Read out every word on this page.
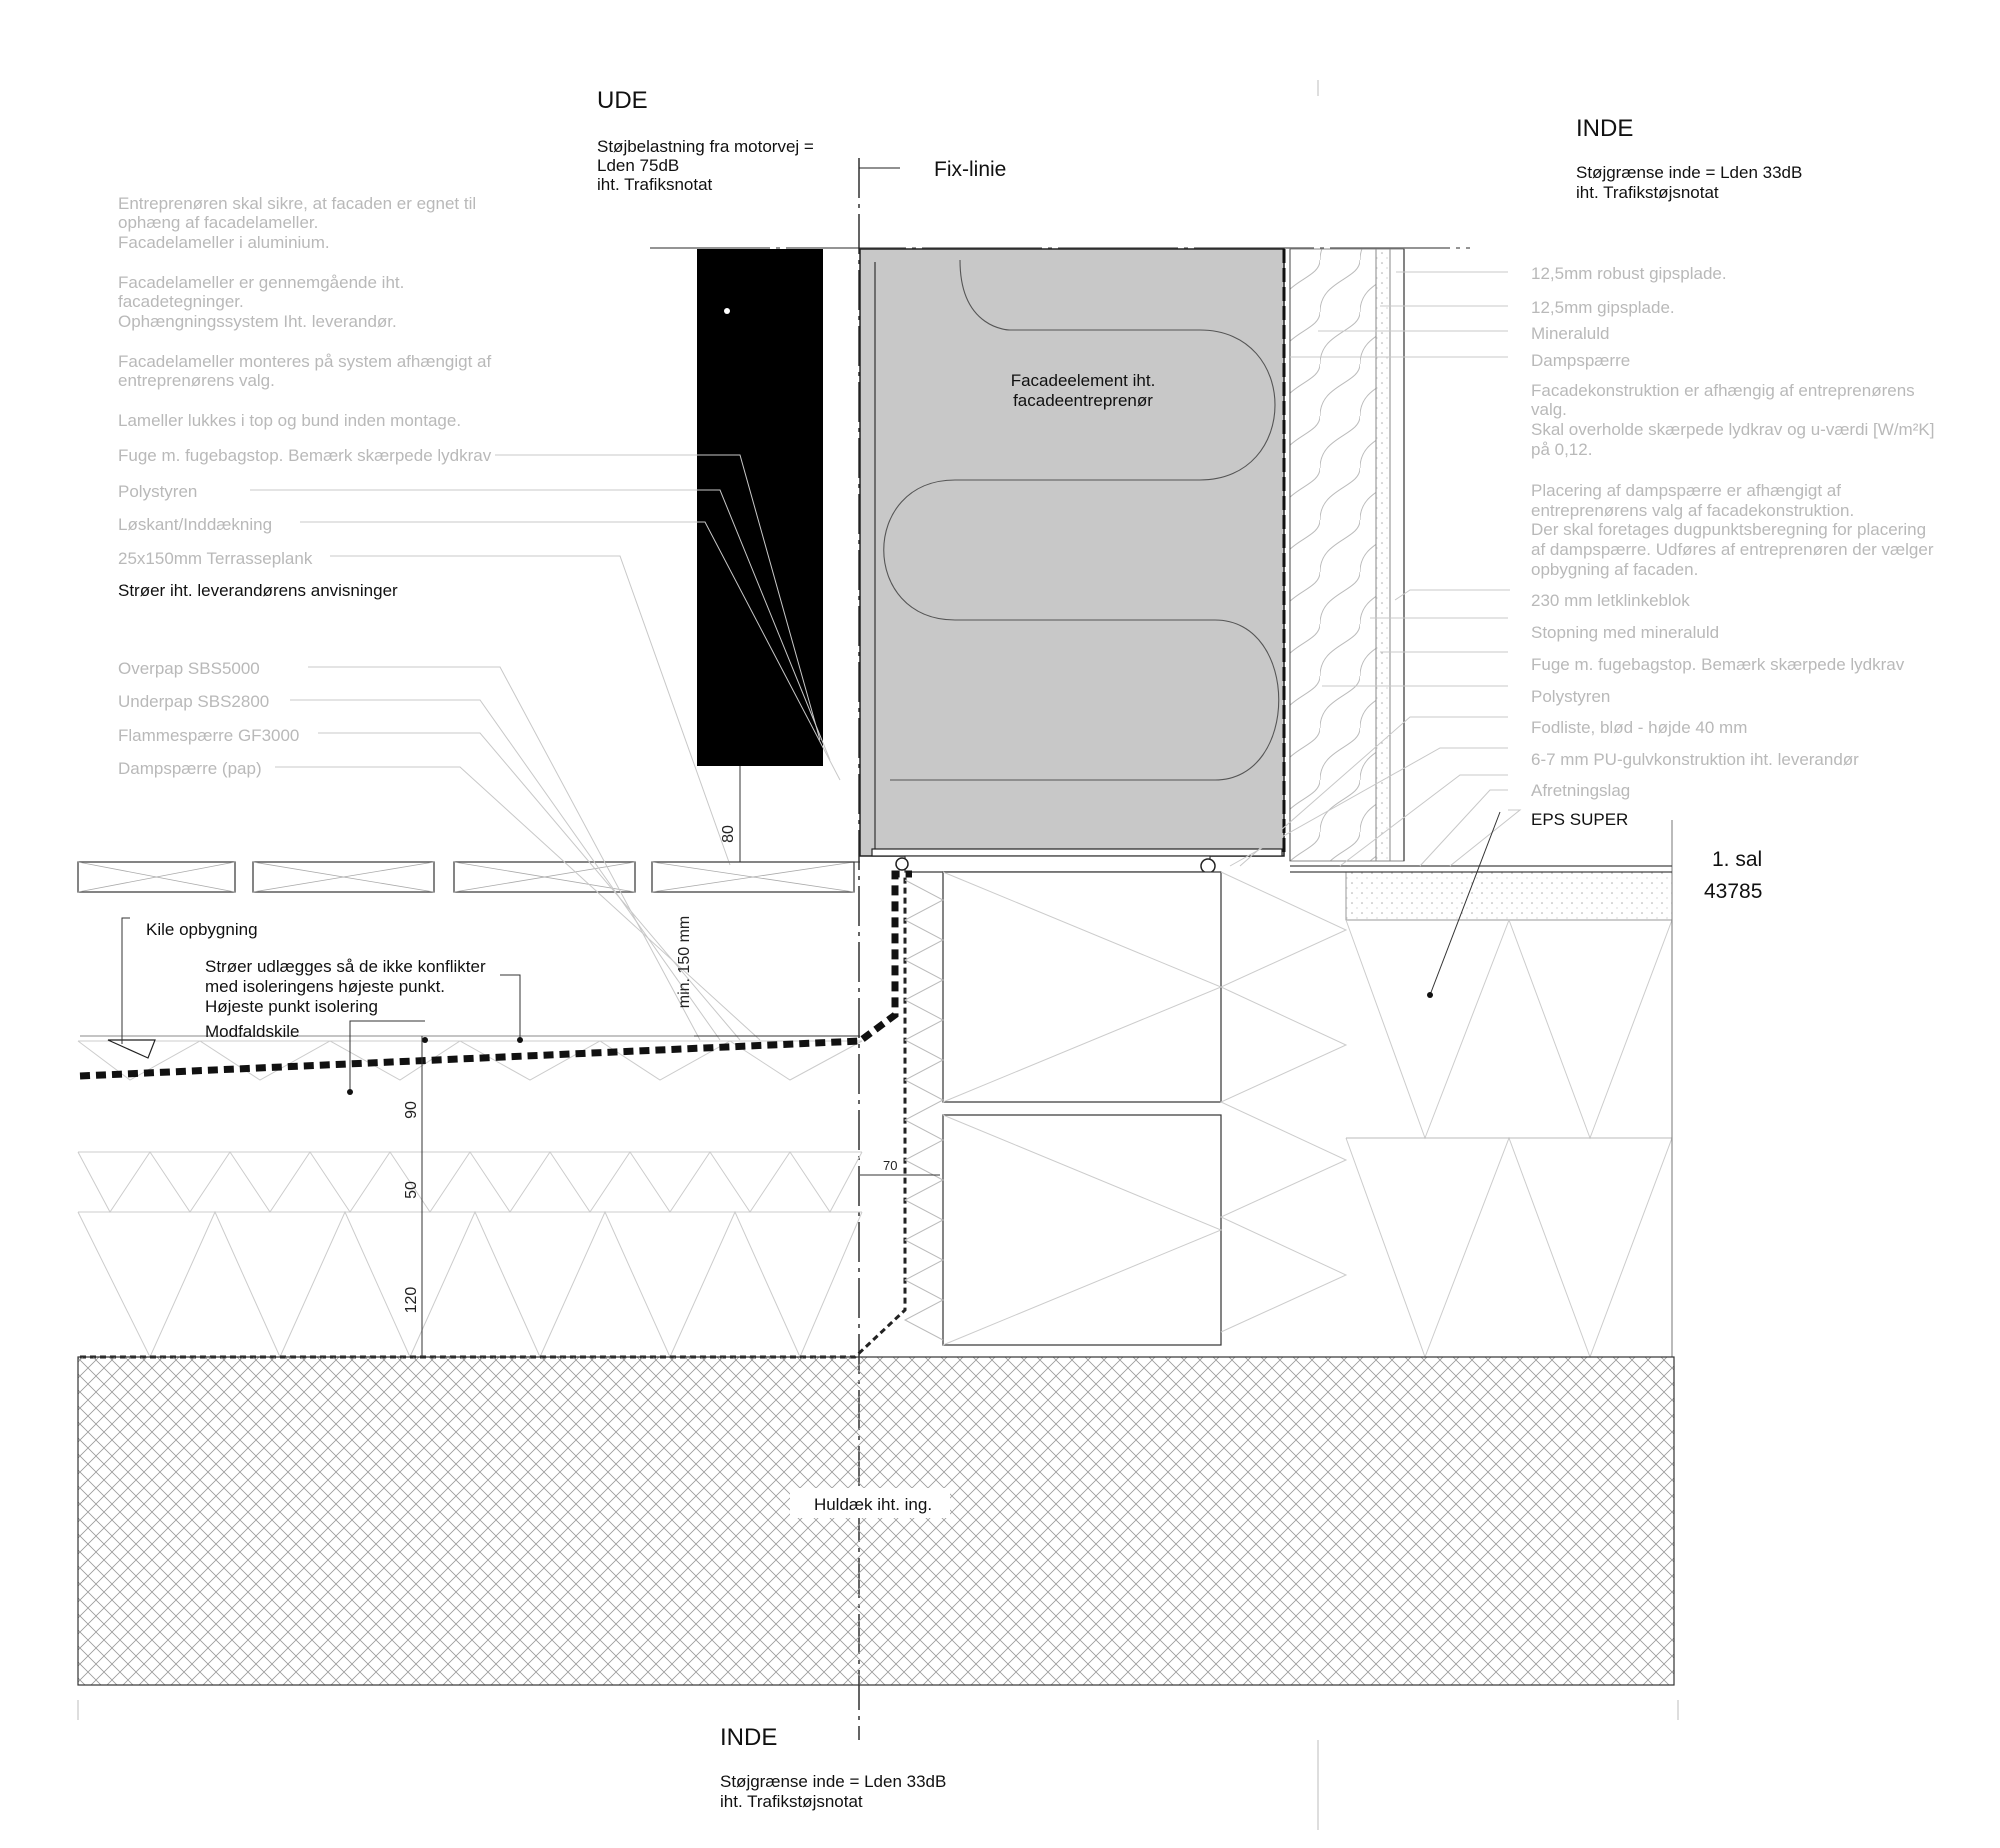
UDE
INDE
INDE
Fix-linie
Støjbelastning fra motorvej =
Lden 75dB
iht. Trafiksnotat
Støjgrænse inde = Lden 33dB
iht. Trafikstøjsnotat
Støjgrænse inde = Lden 33dB
iht. Trafikstøjsnotat
Entreprenøren skal sikre, at facaden er egnet til
ophæng af facadelameller.
Facadelameller i aluminium.
Facadelameller er gennemgående iht.
facadetegninger.
Ophængningssystem Iht. leverandør.
Facadelameller monteres på system afhængigt af
entreprenørens valg.
Lameller lukkes i top og bund inden montage.
Fuge m. fugebagstop. Bemærk skærpede lydkrav
Polystyren
Løskant/Inddækning
25x150mm Terrasseplank
Strøer iht. leverandørens anvisninger
Overpap SBS5000
Underpap SBS2800
Flammespærre GF3000
Dampspærre (pap)
12,5mm robust gipsplade.
12,5mm gipsplade.
Mineraluld
Dampspærre
Facadekonstruktion er afhængig af entreprenørens
valg.
Skal overholde skærpede lydkrav og u-værdi [W/m²K]
på 0,12.
Placering af dampspærre er afhængigt af
entreprenørens valg af facadekonstruktion.
Der skal foretages dugpunktsberegning for placering
af dampspærre. Udføres af entreprenøren der vælger
opbygning af facaden.
230 mm letklinkeblok
Stopning med mineraluld
Fuge m. fugebagstop. Bemærk skærpede lydkrav
Polystyren
Fodliste, blød - højde 40 mm
6-7 mm PU-gulvkonstruktion iht. leverandør
Afretningslag
EPS SUPER
1. sal
43785
Facadeelement iht.
facadeentreprenør
Kile opbygning
Strøer udlægges så de ikke konflikter
med isoleringens højeste punkt.
Højeste punkt isolering
Modfaldskile
80
min. 150 mm
90
50
120
70
Huldæk iht. ing.
